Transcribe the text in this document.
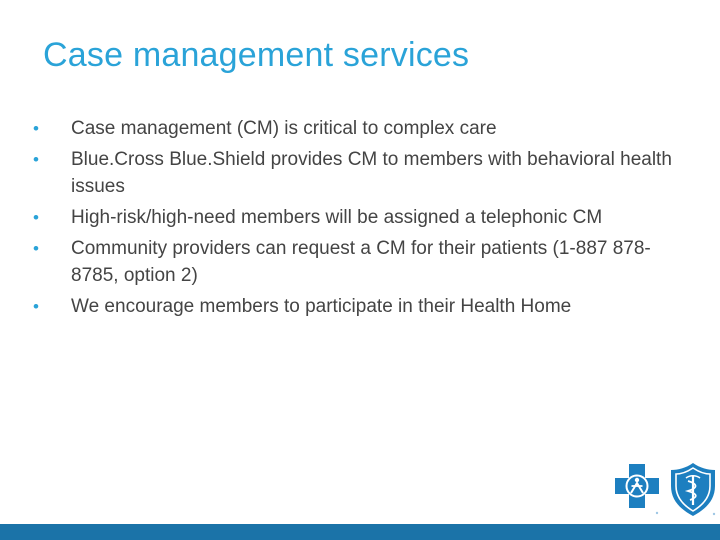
Case management services
• Case management (CM) is critical to complex care
• Blue.Cross Blue.Shield provides CM to members with behavioral health issues
• High-risk/high-need members will be assigned a telephonic CM
• Community providers can request a CM for their patients (1-887 878-8785, option 2)
• We encourage members to participate in their Health Home
